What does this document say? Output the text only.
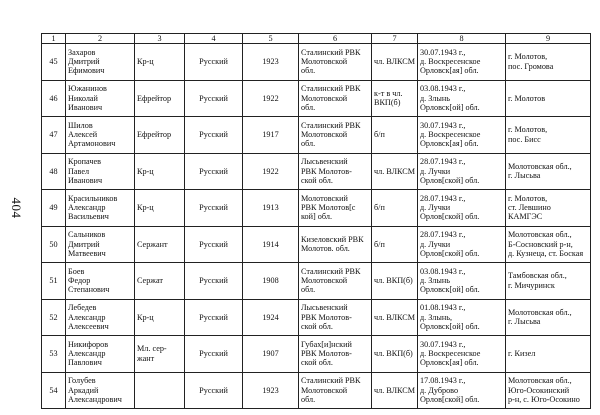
404
1	2	3	4	5	6	7	8	9
45	Захаров
Дмитрий
Ефимович	Кр-ц	Русский	1923	Сталинский РВК
Молотовской
обл.	чл. ВЛКСМ	30.07.1943 г.,
д. Воскресенское
Орловск[ая] обл.	г. Молотов,
пос. Громова

46	Южанинов
Николай
Иванович	Ефрейтор	Русский	1922	Сталинский РВК
Молотовской
обл.	к-т в чл.
ВКП(б)	03.08.1943 г.,
д. Злынь
Орловск[ой] обл.	г. Молотов

47	Шилов
Алексей
Артамонович	Ефрейтор	Русский	1917	Сталинский РВК
Молотовской
обл.	б/п	30.07.1943 г.,
д. Воскресенское
Орловск[ая] обл.	г. Молотов,
пос. Бисс

48	Кропачев
Павел
Иванович	Кр-ц	Русский	1922	Лысьвенский
РВК Молотов-
ской обл.	чл. ВЛКСМ	28.07.1943 г.,
д. Лучки
Орлов[ской] обл.	Молотовская обл.,
г. Лысьва

49	Красильников
Александр
Васильевич	Кр-ц	Русский	1913	Молотовский
РВК Молотов[с
кой] обл.	б/п	28.07.1943 г.,
д. Лучки
Орлов[ской] обл.	г. Молотов,
ст. Левшино
КАМГЭС

50	Сальников
Дмитрий
Матвеевич	Сержант	Русский	1914	Кизеловский РВК
Молотов. обл.	б/п	28.07.1943 г.,
д. Лучки
Орлов[ской] обл.	Молотовская обл.,
Б-Сосновский р-н,
д. Кузнеца, ст. Боская

51	Боев
Федор
Степанович	Сержат	Русский	1908	Сталинский РВК
Молотовской
обл.	чл. ВКП(б)	03.08.1943 г.,
д. Злынь
Орловск[ой] обл.	Тамбовская обл.,
г. Мичуринск

52	Лебедев
Александр
Алексеевич	Кр-ц	Русский	1924	Лысьвенский
РВК Молотов-
ской обл.	чл. ВЛКСМ	01.08.1943 г.,
д. Злынь,
Орловск[ой] обл.	Молотовская обл.,
г. Лысьва

53	Никифоров
Александр
Павлович	Мл. сер-
жант	Русский	1907	Губах[и]нский
РВК Молотов-
ской обл.	чл. ВКП(б)	30.07.1943 г.,
д. Воскресенское
Орловск[ая] обл.	г. Кизел

54	Голубев
Аркадий
Александрович		Русский	1923	Сталинский РВК
Молотовской
обл.	чл. ВЛКСМ	17.08.1943 г.,
д. Дуброво
Орлов[ской] обл.	Молотовская обл.,
Юго-Осокинский
р-н, с. Юго-Осокино
